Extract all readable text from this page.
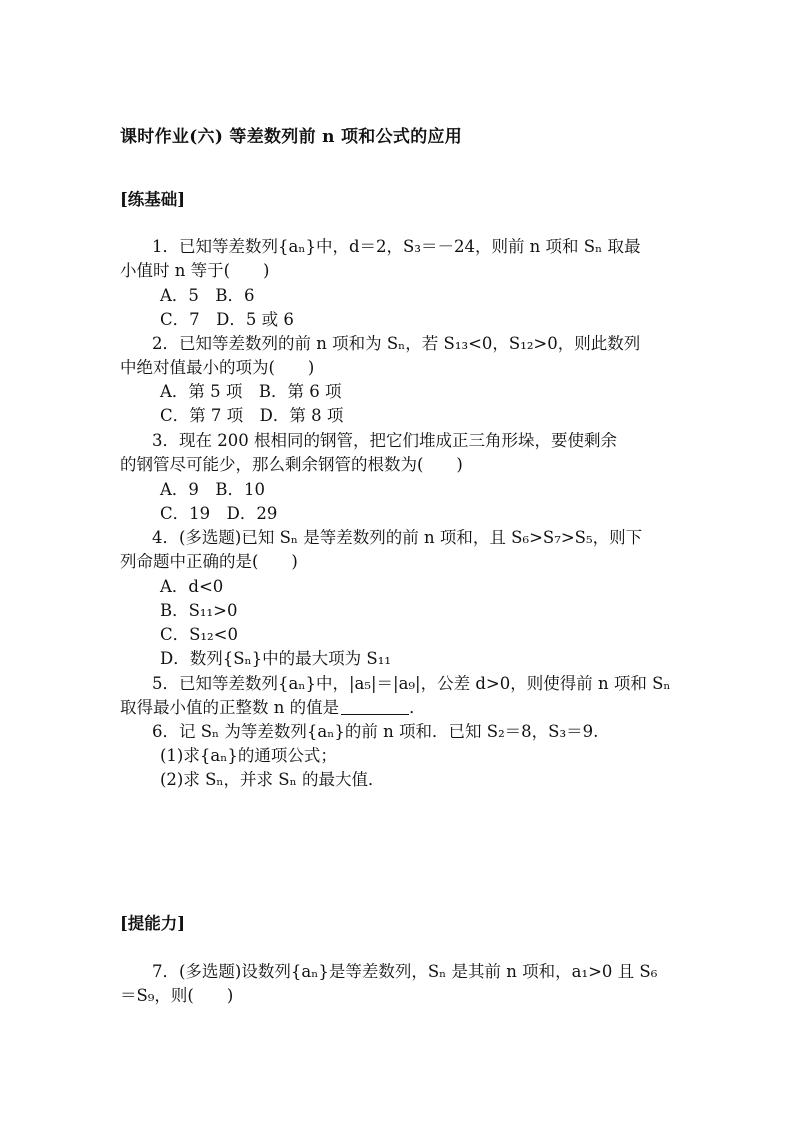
课时作业(六) 等差数列前 n 项和公式的应用
[练基础]
1．已知等差数列{aₙ}中，d＝2，S₃＝－24，则前 n 项和 Sₙ 取最
小值时 n 等于(　　)
A．5　B．6
C．7　D．5 或 6
2．已知等差数列的前 n 项和为 Sₙ，若 S₁₃<0，S₁₂>0，则此数列
中绝对值最小的项为(　　)
A．第 5 项　B．第 6 项
C．第 7 项　D．第 8 项
3．现在 200 根相同的钢管，把它们堆成正三角形垛，要使剩余
的钢管尽可能少，那么剩余钢管的根数为(　　)
A．9　B．10
C．19　D．29
4．(多选题)已知 Sₙ 是等差数列的前 n 项和，且 S₆>S₇>S₅，则下
列命题中正确的是(　　)
A．d<0
B．S₁₁>0
C．S₁₂<0
D．数列{Sₙ}中的最大项为 S₁₁
5．已知等差数列{aₙ}中，|a₅|＝|a₉|，公差 d>0，则使得前 n 项和 Sₙ
取得最小值的正整数 n 的值是	．
6．记 Sₙ 为等差数列{aₙ}的前 n 项和．已知 S₂＝8，S₃＝9.
(1)求{aₙ}的通项公式；
(2)求 Sₙ，并求 Sₙ 的最大值．
[提能力]
7．(多选题)设数列{aₙ}是等差数列，Sₙ 是其前 n 项和，a₁>0 且 S₆
＝S₉，则(　　)
